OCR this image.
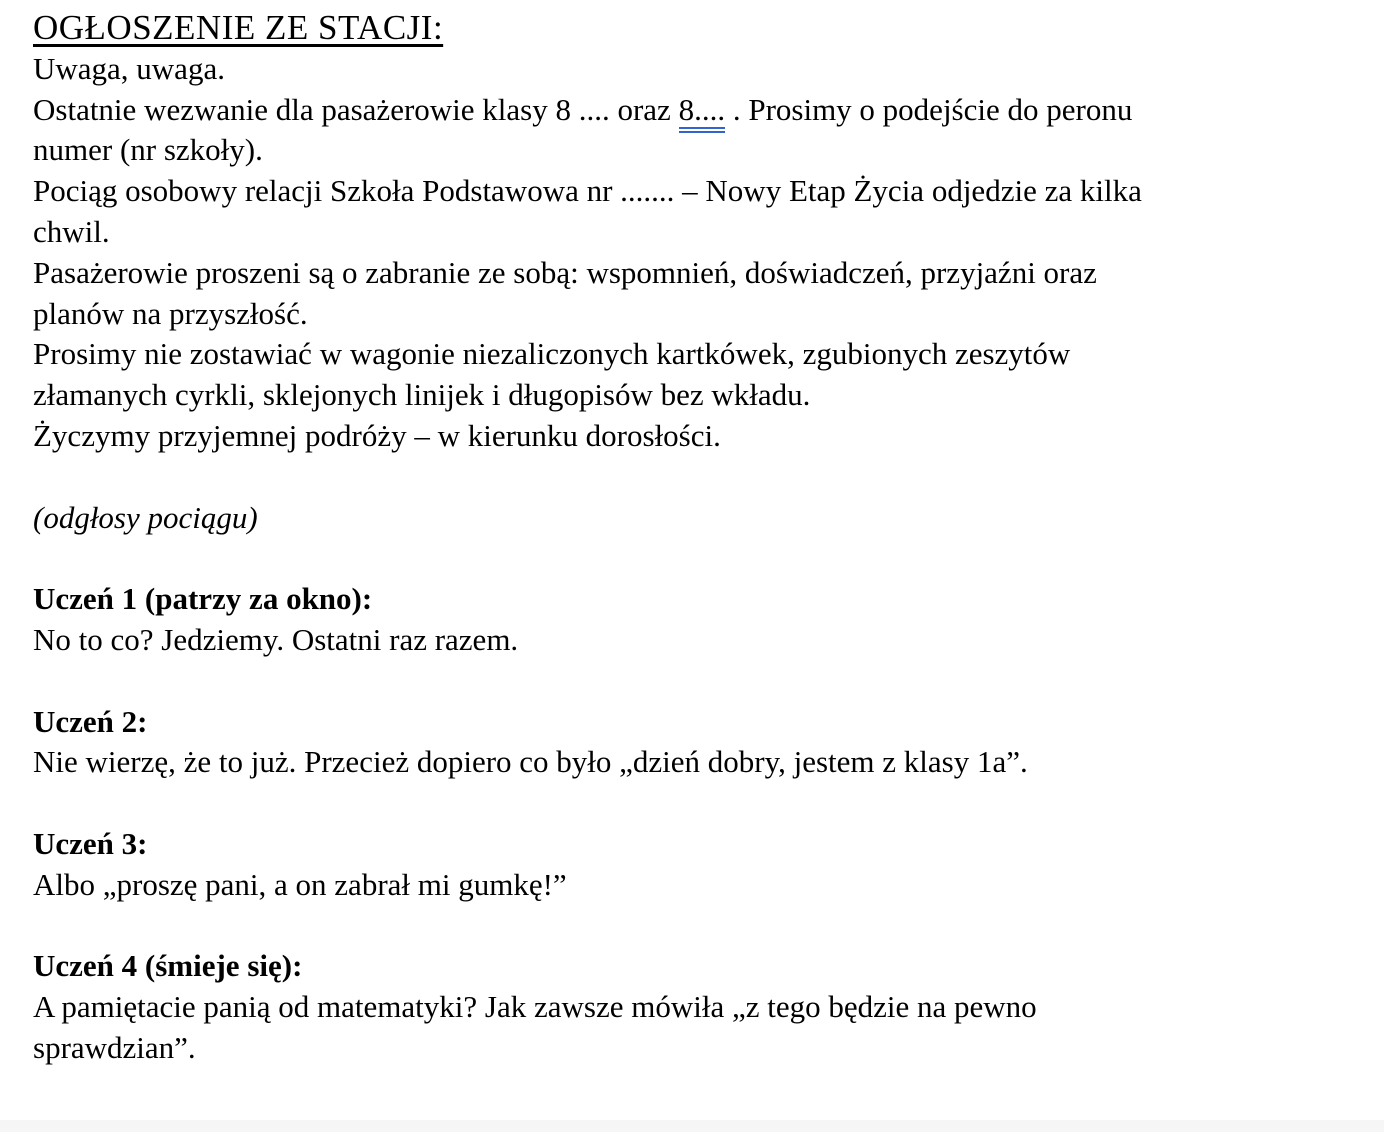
OGŁOSZENIE ZE STACJI:
Uwaga, uwaga.
Ostatnie wezwanie dla pasażerowie klasy 8 .... oraz 8.... . Prosimy o podejście do peronu
numer (nr szkoły).
Pociąg osobowy relacji Szkoła Podstawowa nr ....... – Nowy Etap Życia odjedzie za kilka
chwil.
Pasażerowie proszeni są o zabranie ze sobą: wspomnień, doświadczeń, przyjaźni oraz
planów na przyszłość.
Prosimy nie zostawiać w wagonie niezaliczonych kartkówek, zgubionych zeszytów
złamanych cyrkli, sklejonych linijek i długopisów bez wkładu.
Życzymy przyjemnej podróży – w kierunku dorosłości.
(odgłosy pociągu)
Uczeń 1 (patrzy za okno):
No to co? Jedziemy. Ostatni raz razem.
Uczeń 2:
Nie wierzę, że to już. Przecież dopiero co było „dzień dobry, jestem z klasy 1a”.
Uczeń 3:
Albo „proszę pani, a on zabrał mi gumkę!”
Uczeń 4 (śmieje się):
A pamiętacie panią od matematyki? Jak zawsze mówiła „z tego będzie na pewno
sprawdzian”.
